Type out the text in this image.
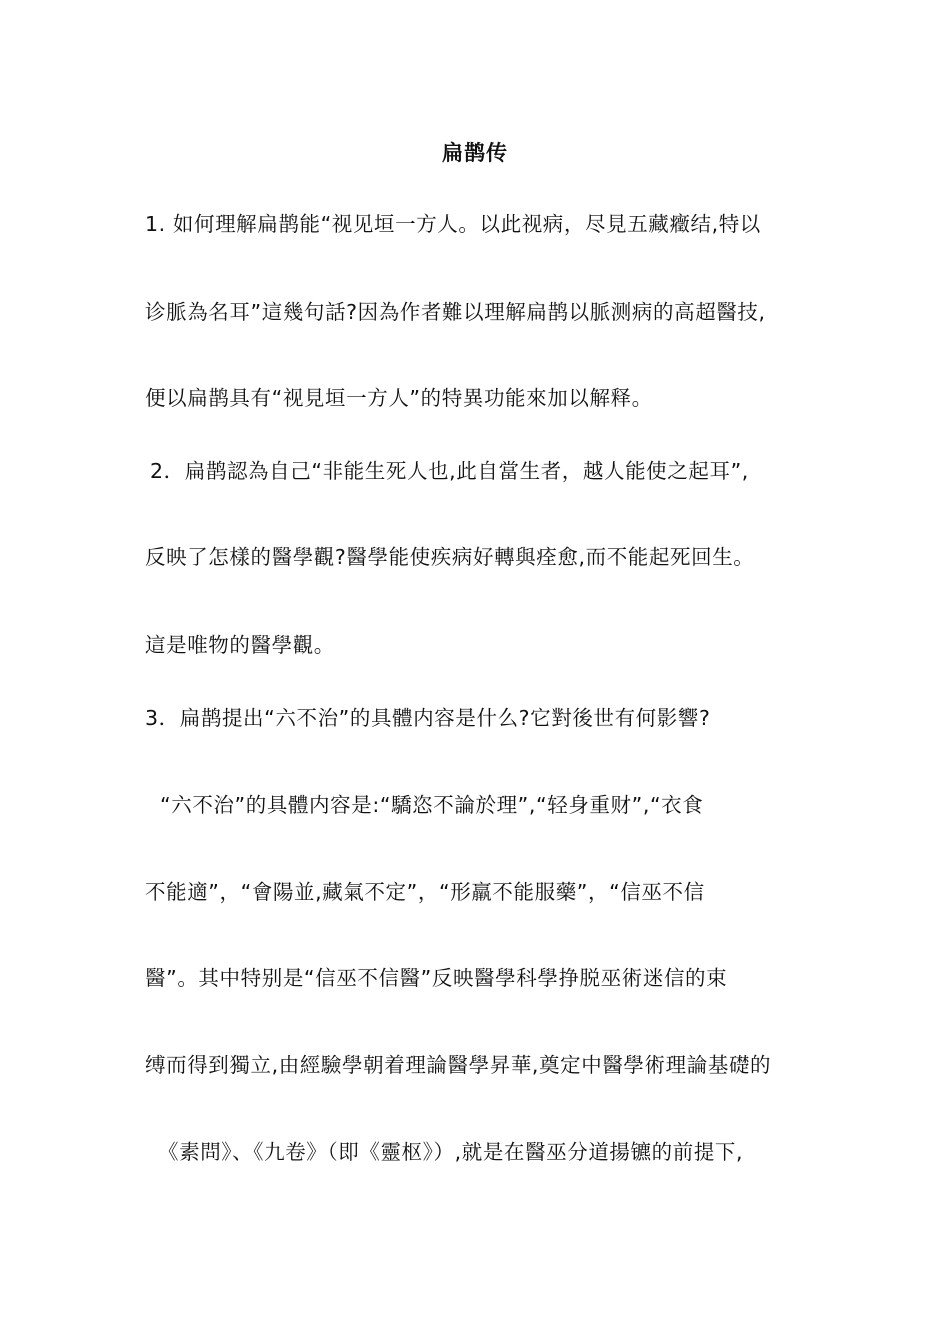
扁鹊传
1. 如何理解扁鹊能“视见垣一方人。以此视病，尽見五藏癥结,特以
诊脈為名耳”這幾句話?因為作者難以理解扁鹊以脈测病的高超醫技,
便以扁鹊具有“视見垣一方人”的特異功能來加以解释。
2．扁鹊認為自己“非能生死人也,此自當生者，越人能使之起耳”,
反映了怎樣的醫學觀?醫學能使疾病好轉與痊愈,而不能起死回生。
這是唯物的醫學觀。
3．扁鹊提出“六不治”的具體内容是什么?它對後世有何影響?
“六不治”的具體内容是:“驕恣不論於理”,“轻身重财”,“衣食
不能適”，“會陽並,藏氣不定”，“形羸不能服藥”，“信巫不信
醫”。其中特别是“信巫不信醫”反映醫學科學挣脱巫術迷信的束
缚而得到獨立,由經驗學朝着理論醫學昇華,奠定中醫學術理論基礎的
《素問》、《九卷》（即《靈枢》）,就是在醫巫分道揚镳的前提下,
